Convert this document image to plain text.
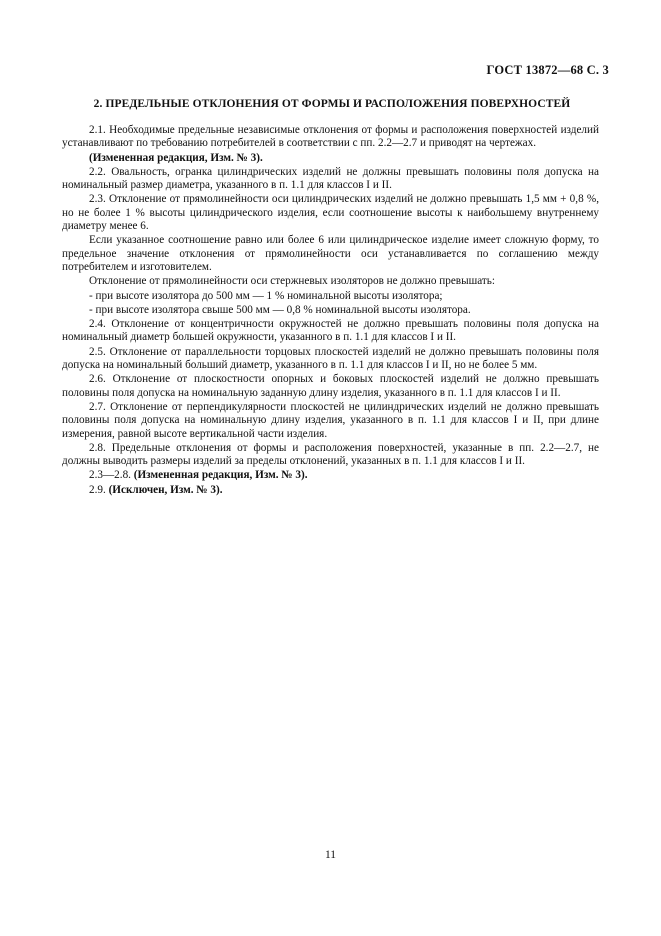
ГОСТ 13872—68 С. 3
2. ПРЕДЕЛЬНЫЕ ОТКЛОНЕНИЯ ОТ ФОРМЫ И РАСПОЛОЖЕНИЯ ПОВЕРХНОСТЕЙ

2.1. Необходимые предельные независимые отклонения от формы и расположения поверхностей изделий устанавливают по требованию потребителей в соответствии с пп. 2.2—2.7 и приводят на чертежах.

(Измененная редакция, Изм. № 3).

2.2. Овальность, огранка цилиндрических изделий не должны превышать половины поля допуска на номинальный размер диаметра, указанного в п. 1.1 для классов I и II.

2.3. Отклонение от прямолинейности оси цилиндрических изделий не должно превышать 1,5 мм + 0,8 %, но не более 1 % высоты цилиндрического изделия, если соотношение высоты к наибольшему внутреннему диаметру менее 6.

Если указанное соотношение равно или более 6 или цилиндрическое изделие имеет сложную форму, то предельное значение отклонения от прямолинейности оси устанавливается по соглашению между потребителем и изготовителем.

Отклонение от прямолинейности оси стержневых изоляторов не должно превышать:

- при высоте изолятора до 500 мм — 1 % номинальной высоты изолятора;

- при высоте изолятора свыше 500 мм — 0,8 % номинальной высоты изолятора.

2.4. Отклонение от концентричности окружностей не должно превышать половины поля допуска на номинальный диаметр большей окружности, указанного в п. 1.1 для классов I и II.

2.5. Отклонение от параллельности торцовых плоскостей изделий не должно превышать половины поля допуска на номинальный больший диаметр, указанного в п. 1.1 для классов I и II, но не более 5 мм.

2.6. Отклонение от плоскостности опорных и боковых плоскостей изделий не должно превышать половины поля допуска на номинальную заданную длину изделия, указанного в п. 1.1 для классов I и II.

2.7. Отклонение от перпендикулярности плоскостей не цилиндрических изделий не должно превышать половины поля допуска на номинальную длину изделия, указанного в п. 1.1 для классов I и II, при длине измерения, равной высоте вертикальной части изделия.

2.8. Предельные отклонения от формы и расположения поверхностей, указанные в пп. 2.2—2.7, не должны выводить размеры изделий за пределы отклонений, указанных в п. 1.1 для классов I и II.

2.3—2.8. (Измененная редакция, Изм. № 3).

2.9. (Исключен, Изм. № 3).

11
